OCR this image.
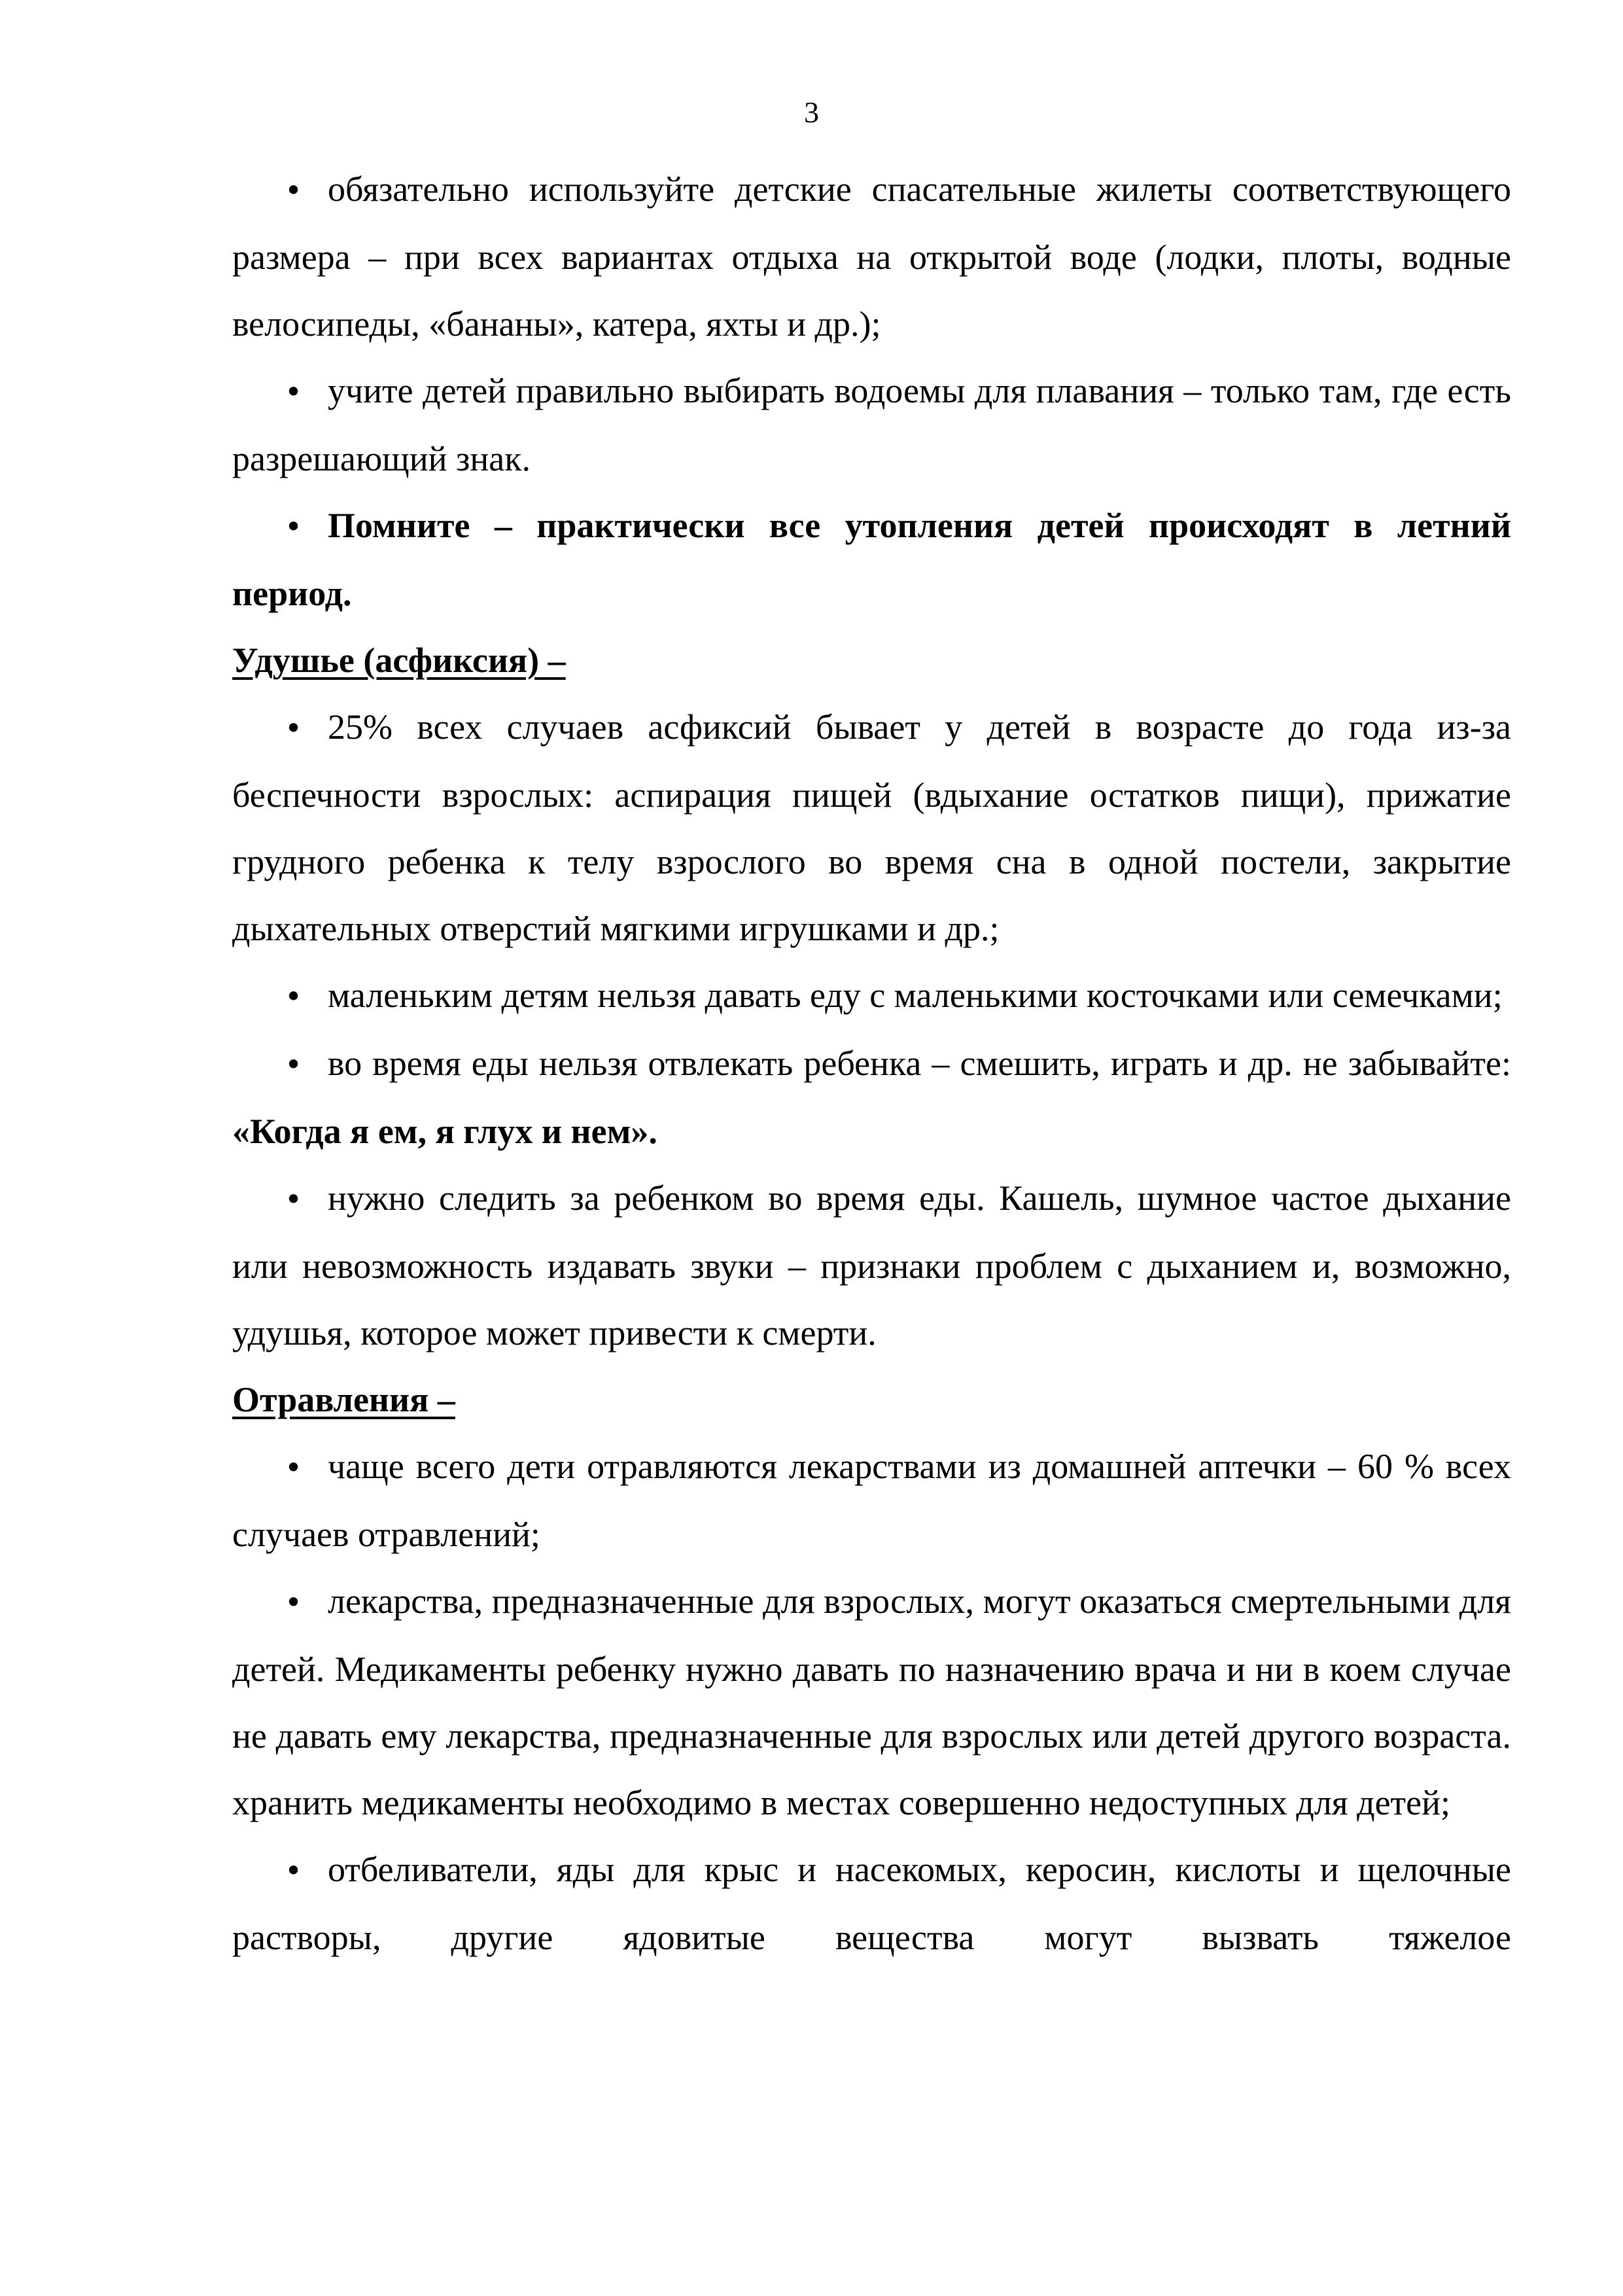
3

•обязательно используйте детские спасательные жилеты соответствующего размера – при всех вариантах отдыха на открытой воде (лодки, плоты, водные велосипеды, «бананы», катера, яхты и др.);

•учите детей правильно выбирать водоемы для плавания – только там, где есть разрешающий знак.

•Помните – практически все утопления детей происходят в летний период.

Удушье (асфиксия) –

•25% всех случаев асфиксий бывает у детей в возрасте до года из-за беспечности взрослых: аспирация пищей (вдыхание остатков пищи), прижатие грудного ребенка к телу взрослого во время сна в одной постели, закрытие дыхательных отверстий мягкими игрушками и др.;

•маленьким детям нельзя давать еду с маленькими косточками или семечками;

•во время еды нельзя отвлекать ребенка – смешить, играть и др. не забывайте: «Когда я ем, я глух и нем».

•нужно следить за ребенком во время еды. Кашель, шумное частое дыхание или невозможность издавать звуки – признаки проблем с дыханием и, возможно, удушья, которое может привести к смерти.

Отравления –

•чаще всего дети отравляются лекарствами из домашней аптечки – 60 % всех случаев отравлений;

•лекарства, предназначенные для взрослых, могут оказаться смертельными для детей. Медикаменты ребенку нужно давать по назначению врача и ни в коем случае не давать ему лекарства, предназначенные для взрослых или детей другого возраста. хранить медикаменты необходимо в местах совершенно недоступных для детей;

•отбеливатели, яды для крыс и насекомых, керосин, кислоты и щелочные растворы, другие ядовитые вещества могут вызвать тяжелое
